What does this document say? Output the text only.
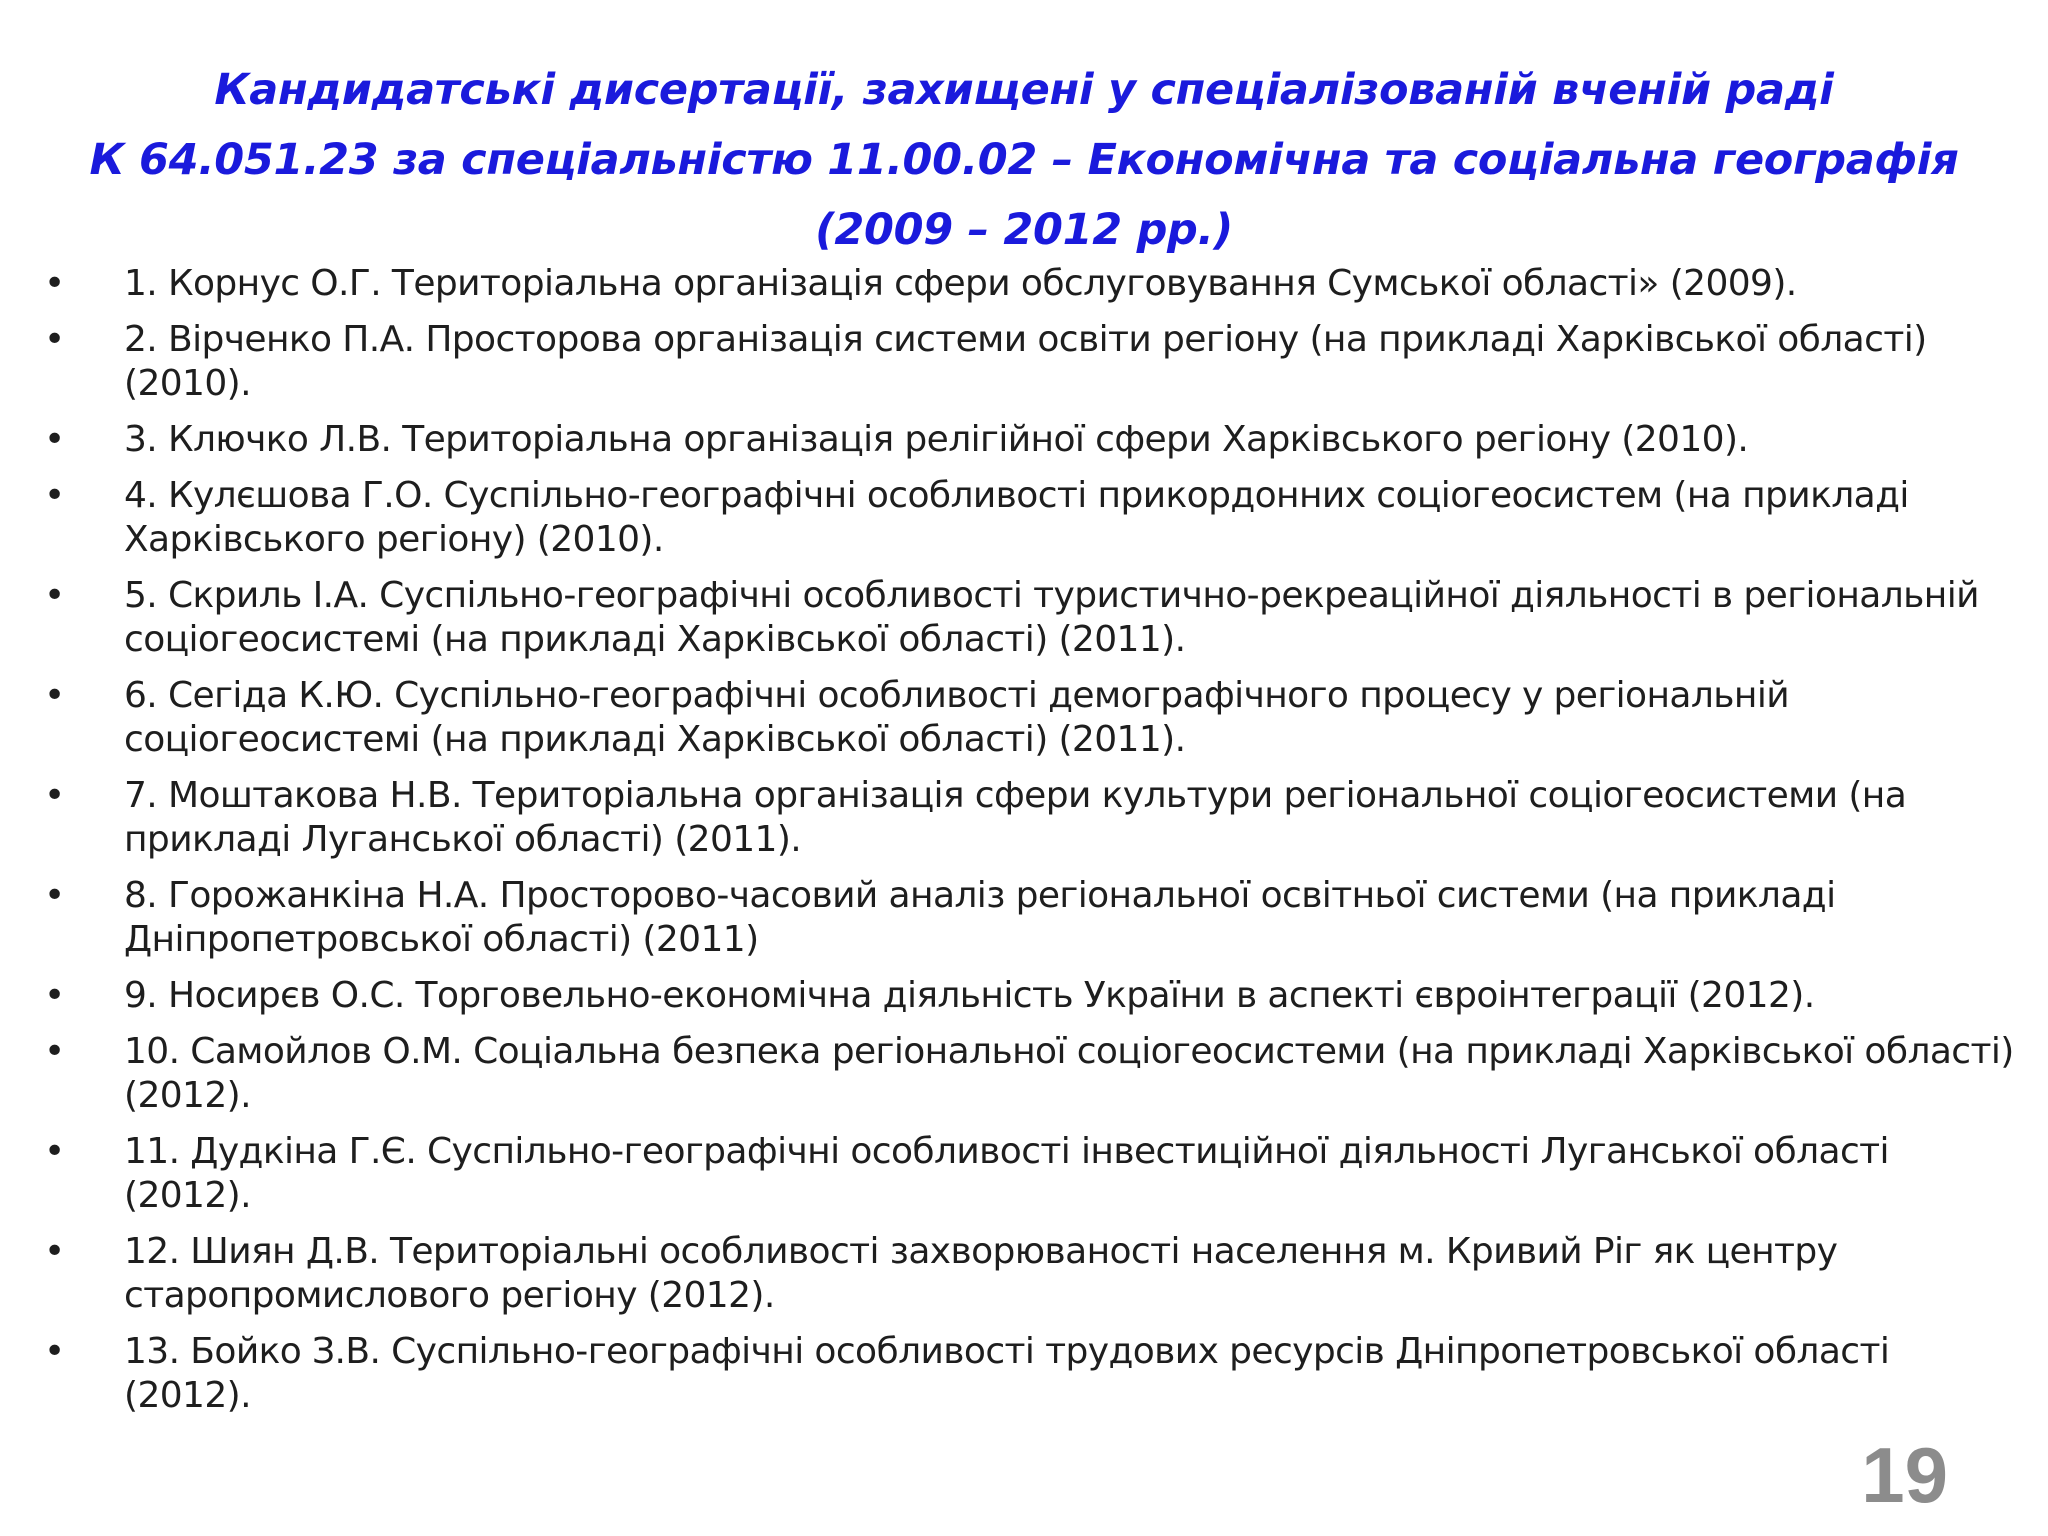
Кандидатські дисертації, захищені у спеціалізованій вченій раді
К 64.051.23 за спеціальністю 11.00.02 – Економічна та соціальна географія
(2009 – 2012 рр.)
•	1. Корнус О.Г. Територіальна організація сфери обслуговування Сумської області» (2009).
•	2. Вірченко П.А. Просторова організація системи освіти регіону (на прикладі Харківської області) (2010).
•	3. Ключко Л.В. Територіальна організація релігійної сфери Харківського регіону (2010).
•	4. Кулєшова Г.О. Суспільно-географічні особливості прикордонних соціогеосистем (на прикладі Харківського регіону) (2010).
•	5. Скриль І.А. Суспільно-географічні особливості туристично-рекреаційної діяльності в регіональній соціогеосистемі (на прикладі Харківської області) (2011).
•	6. Сегіда К.Ю. Суспільно-географічні особливості демографічного процесу у регіональній соціогеосистемі (на прикладі Харківської області) (2011).
•	7. Моштакова Н.В. Територіальна організація сфери культури регіональної соціогеосистеми (на прикладі Луганської області) (2011).
•	8. Горожанкіна Н.А. Просторово-часовий аналіз регіональної освітньої системи (на прикладі Дніпропетровської області) (2011)
•	9. Носирєв О.С. Торговельно-економічна діяльність України в аспекті євроінтеграції (2012).
•	10. Самойлов О.М. Соціальна безпека регіональної соціогеосистеми (на прикладі Харківської області) (2012).
•	11. Дудкіна Г.Є. Суспільно-географічні особливості інвестиційної діяльності Луганської області (2012).
•	12. Шиян Д.В. Територіальні особливості захворюваності населення м. Кривий Ріг як центру старопромислового регіону (2012).
•	13. Бойко З.В. Суспільно-географічні особливості трудових ресурсів Дніпропетровської області (2012).
19
